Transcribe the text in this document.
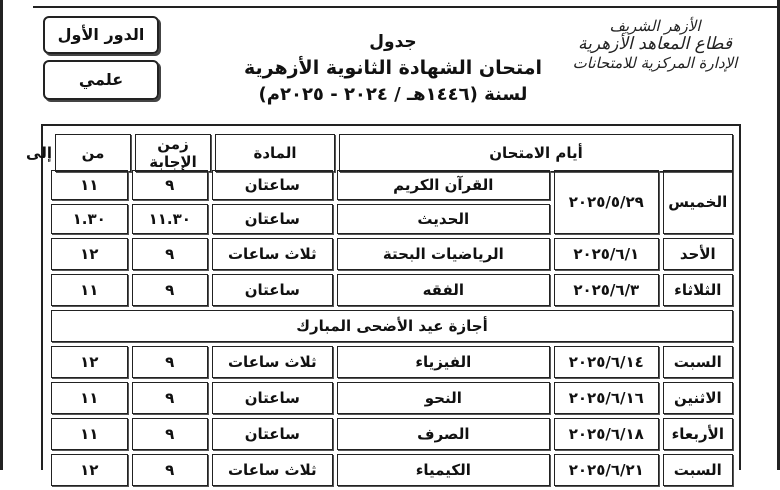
الأزهر الشريف
قطاع المعاهد الأزهرية
الإدارة المركزية للامتحانات
جدول
امتحان الشهادة الثانوية الأزهرية
لسنة (١٤٤٦هـ / ٢٠٢٤ - ٢٠٢٥م)
الدور الأول
علمي
أيام الامتحان	المادة	زمن الإجابة	من	إلى
الخميس	٢٠٢٥/٥/٢٩	القرآن الكريم	ساعتان	٩	١١
		الحديث	ساعتان	١١.٣٠	١.٣٠
الأحد	٢٠٢٥/٦/١	الرياضيات البحتة	ثلاث ساعات	٩	١٢
الثلاثاء	٢٠٢٥/٦/٣	الفقه	ساعتان	٩	١١
أجازة عيد الأضحى المبارك					
السبت	٢٠٢٥/٦/١٤	الفيزياء	ثلاث ساعات	٩	١٢
الاثنين	٢٠٢٥/٦/١٦	النحو	ساعتان	٩	١١
الأربعاء	٢٠٢٥/٦/١٨	الصرف	ساعتان	٩	١١
السبت	٢٠٢٥/٦/٢١	الكيمياء	ثلاث ساعات	٩	١٢
